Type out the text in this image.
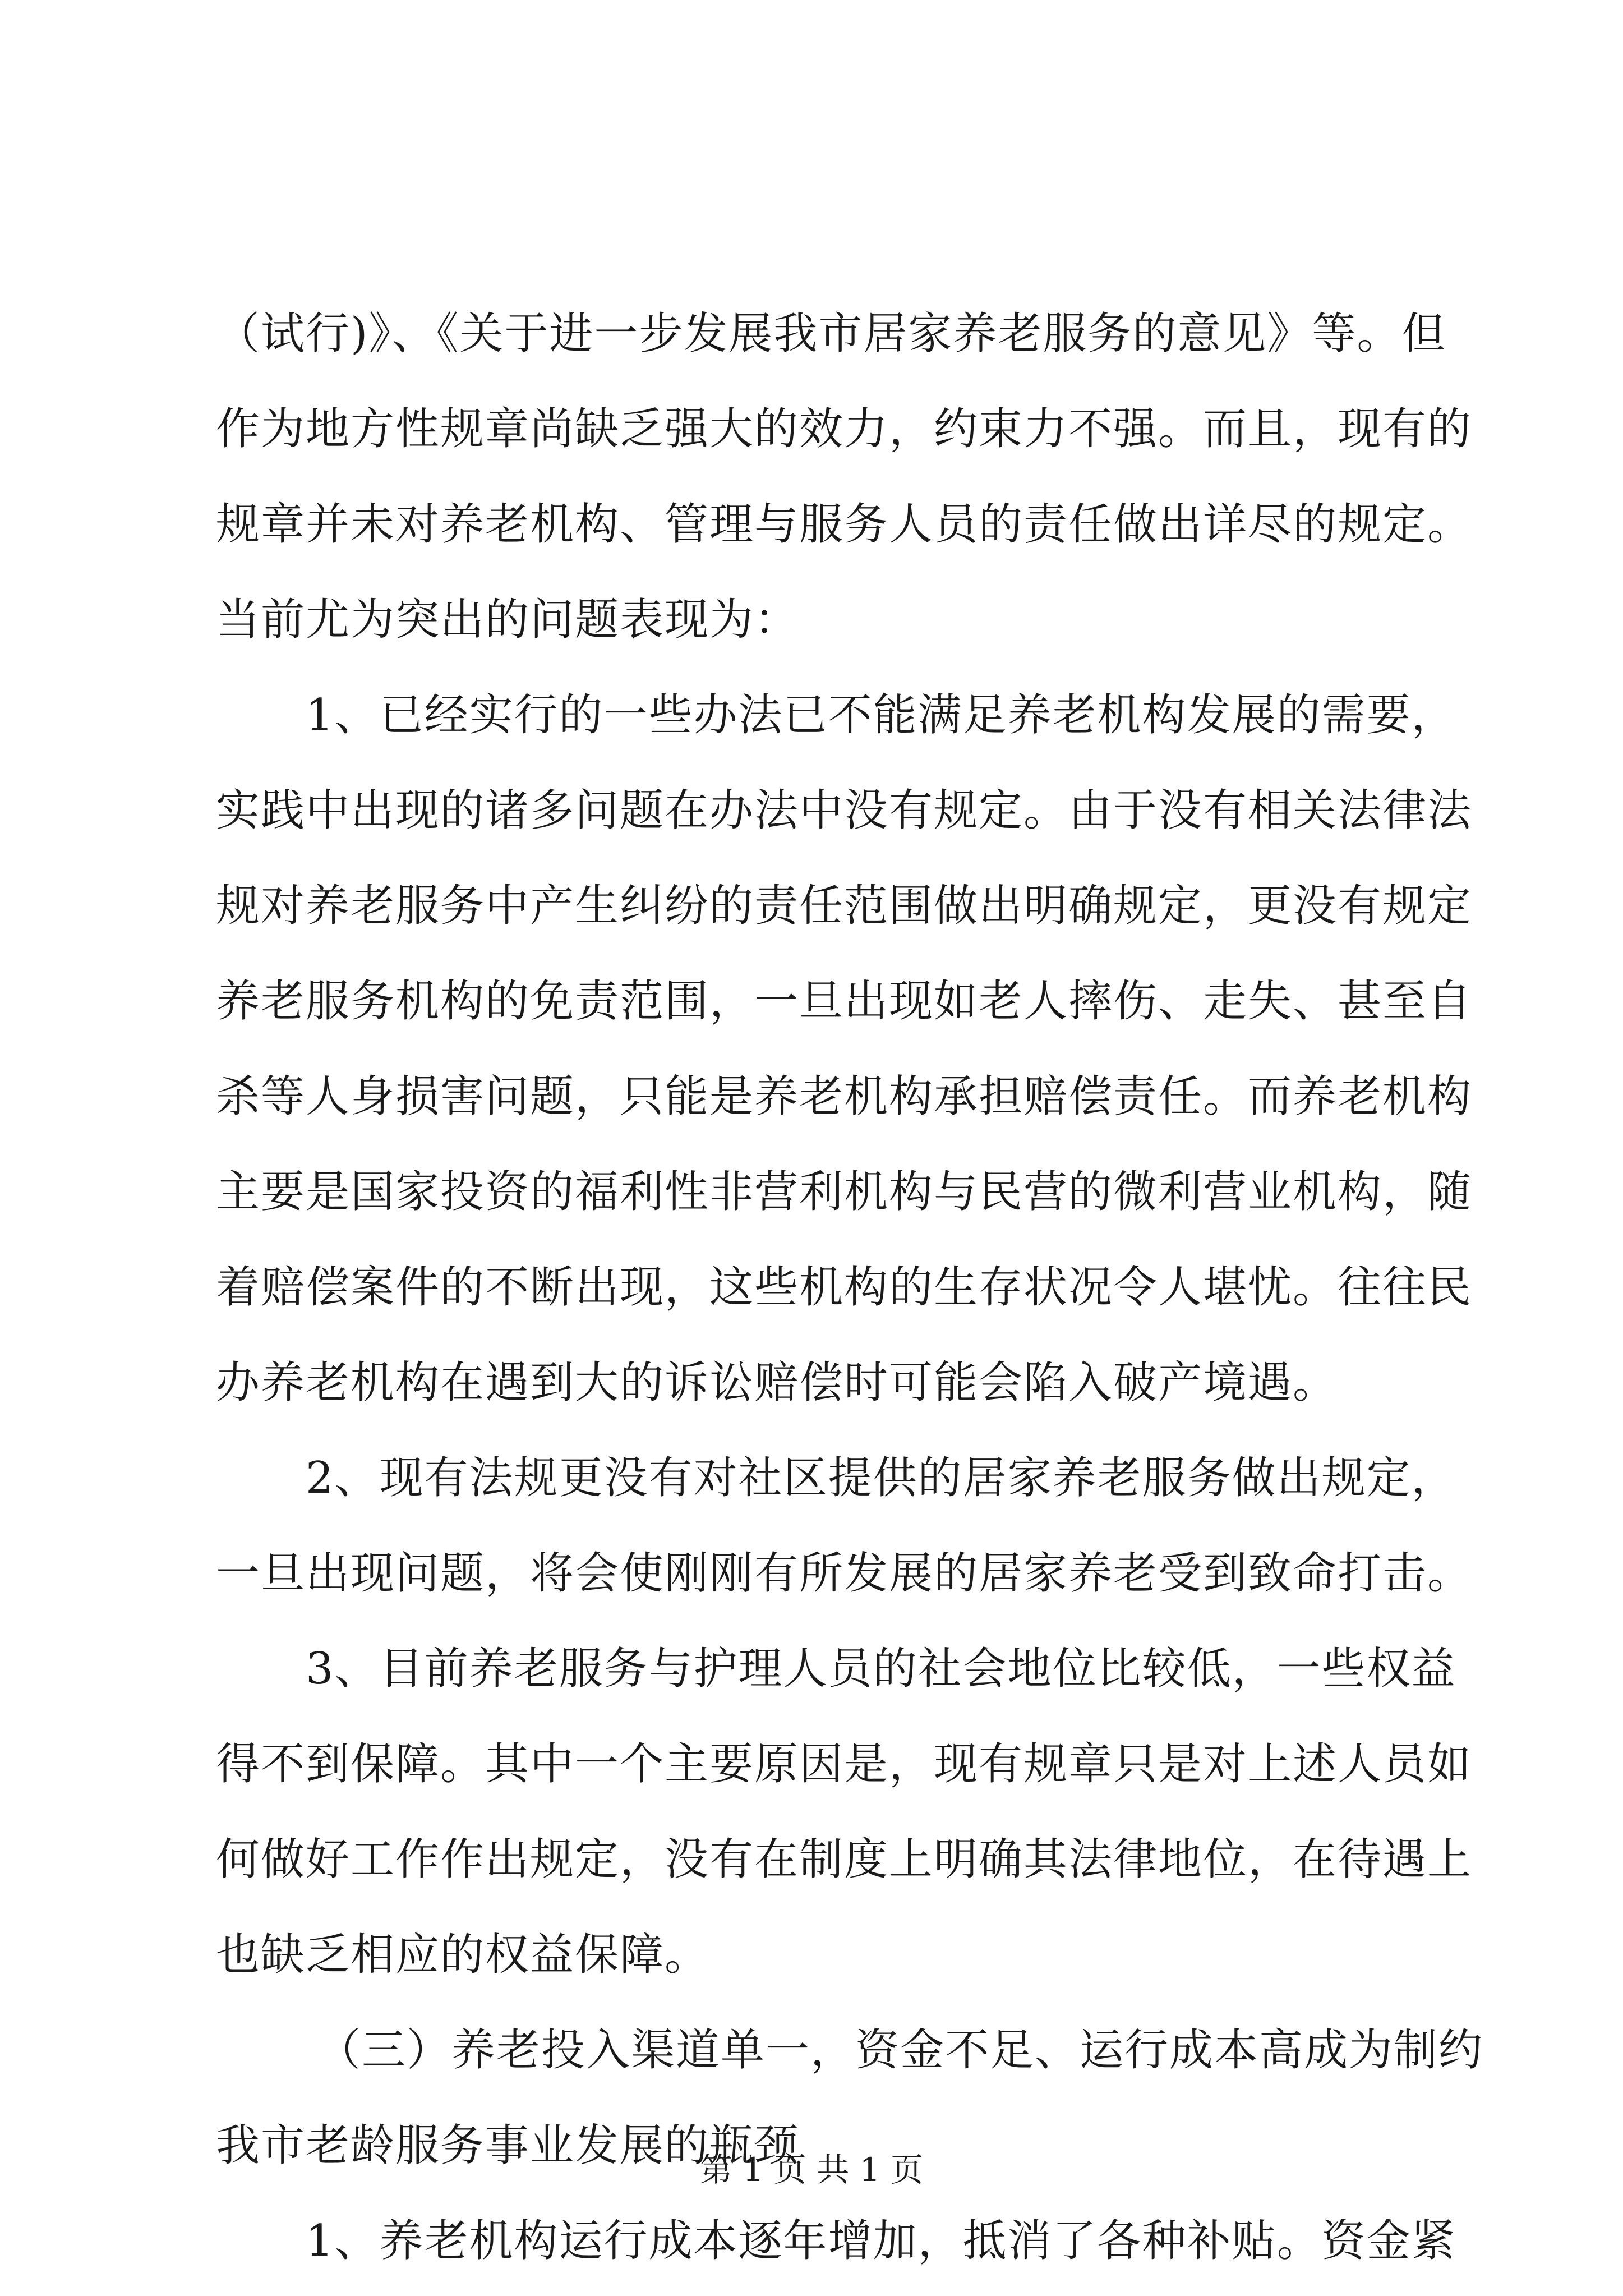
（试行)》、《关于进一步发展我市居家养老服务的意见》等。但
作为地方性规章尚缺乏强大的效力，约束力不强。而且，现有的
规章并未对养老机构、管理与服务人员的责任做出详尽的规定。
当前尤为突出的问题表现为：
1、已经实行的一些办法已不能满足养老机构发展的需要，
实践中出现的诸多问题在办法中没有规定。由于没有相关法律法
规对养老服务中产生纠纷的责任范围做出明确规定，更没有规定
养老服务机构的免责范围，一旦出现如老人摔伤、走失、甚至自
杀等人身损害问题，只能是养老机构承担赔偿责任。而养老机构
主要是国家投资的福利性非营利机构与民营的微利营业机构，随
着赔偿案件的不断出现，这些机构的生存状况令人堪忧。往往民
办养老机构在遇到大的诉讼赔偿时可能会陷入破产境遇。
2、现有法规更没有对社区提供的居家养老服务做出规定，
一旦出现问题，将会使刚刚有所发展的居家养老受到致命打击。
3、目前养老服务与护理人员的社会地位比较低，一些权益
得不到保障。其中一个主要原因是，现有规章只是对上述人员如
何做好工作作出规定，没有在制度上明确其法律地位，在待遇上
也缺乏相应的权益保障。
（三）养老投入渠道单一，资金不足、运行成本高成为制约
我市老龄服务事业发展的瓶颈
1、养老机构运行成本逐年增加，抵消了各种补贴。资金紧
第 1 页 共 1 页
